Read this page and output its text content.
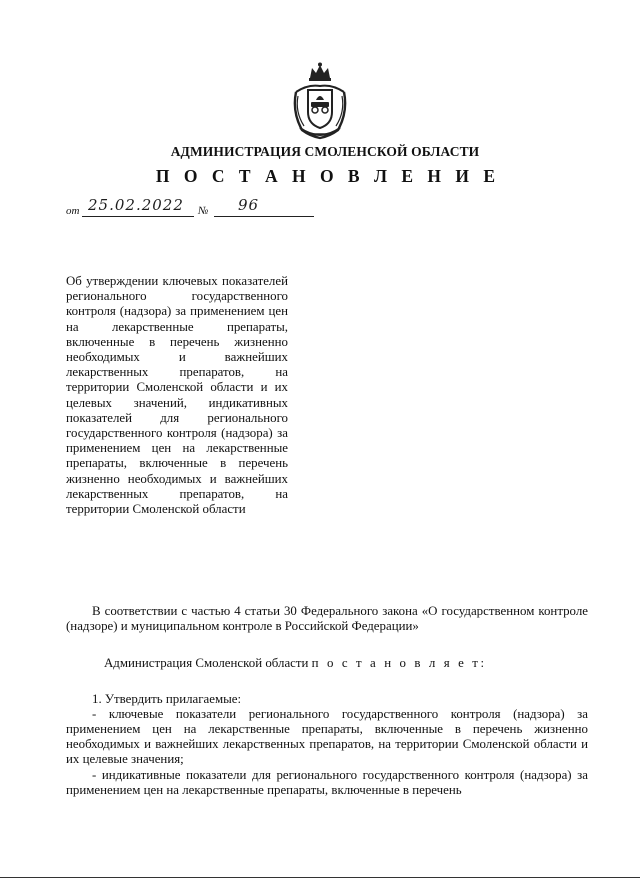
АДМИНИСТРАЦИЯ СМОЛЕНСКОЙ ОБЛАСТИ
П О С Т А Н О В Л Е Н И Е
от 25.02.2022 № 96
Об утверждении ключевых показателей регионального государственного контроля (надзора) за применением цен на лекарственные препараты, включенные в перечень жизненно необходимых и важнейших лекарственных препаратов, на территории Смоленской области и их целевых значений, индикативных показателей для регионального государственного контроля (надзора) за применением цен на лекарственные препараты, включенные в перечень жизненно необходимых и важнейших лекарственных препаратов, на территории Смоленской области

В соответствии с частью 4 статьи 30 Федерального закона «О государственном контроле (надзоре) и муниципальном контроле в Российской Федерации»

Администрация Смоленской области п о с т а н о в л я е т:

1. Утвердить прилагаемые:

- ключевые показатели регионального государственного контроля (надзора) за применением цен на лекарственные препараты, включенные в перечень жизненно необходимых и важнейших лекарственных препаратов, на территории Смоленской области и их целевые значения;

- индикативные показатели для регионального государственного контроля (надзора) за применением цен на лекарственные препараты, включенные в перечень
